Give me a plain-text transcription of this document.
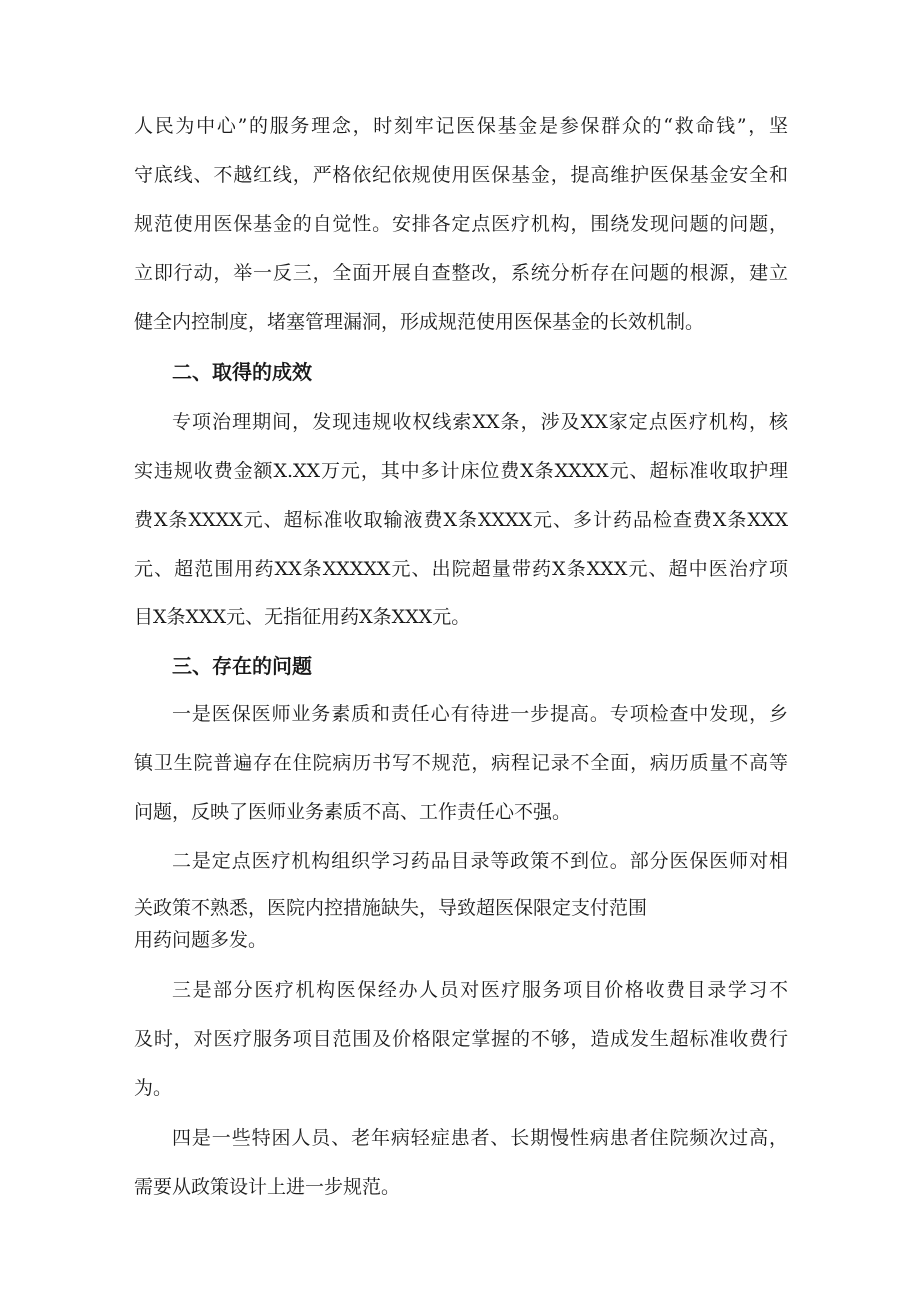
人民为中心”的服务理念，时刻牢记医保基金是参保群众的“救命钱”，坚
守底线、不越红线，严格依纪依规使用医保基金，提高维护医保基金安全和
规范使用医保基金的自觉性。安排各定点医疗机构，围绕发现问题的问题，
立即行动，举一反三，全面开展自查整改，系统分析存在问题的根源，建立
健全内控制度，堵塞管理漏洞，形成规范使用医保基金的长效机制。
二、取得的成效
专项治理期间，发现违规收权线索XX条，涉及XX家定点医疗机构，核
实违规收费金额X.XX万元，其中多计床位费X条XXXX元、超标准收取护理
费X条XXXX元、超标准收取输液费X条XXXX元、多计药品检查费X条XXX
元、超范围用药XX条XXXXX元、出院超量带药X条XXX元、超中医治疗项
目X条XXX元、无指征用药X条XXX元。
三、存在的问题
一是医保医师业务素质和责任心有待进一步提高。专项检查中发现，乡
镇卫生院普遍存在住院病历书写不规范，病程记录不全面，病历质量不高等
问题，反映了医师业务素质不高、工作责任心不强。
二是定点医疗机构组织学习药品目录等政策不到位。部分医保医师对相
关政策不熟悉，医院内控措施缺失，导致超医保限定支付范围
用药问题多发。
三是部分医疗机构医保经办人员对医疗服务项目价格收费目录学习不
及时，对医疗服务项目范围及价格限定掌握的不够，造成发生超标准收费行
为。
四是一些特困人员、老年病轻症患者、长期慢性病患者住院频次过高，
需要从政策设计上进一步规范。
